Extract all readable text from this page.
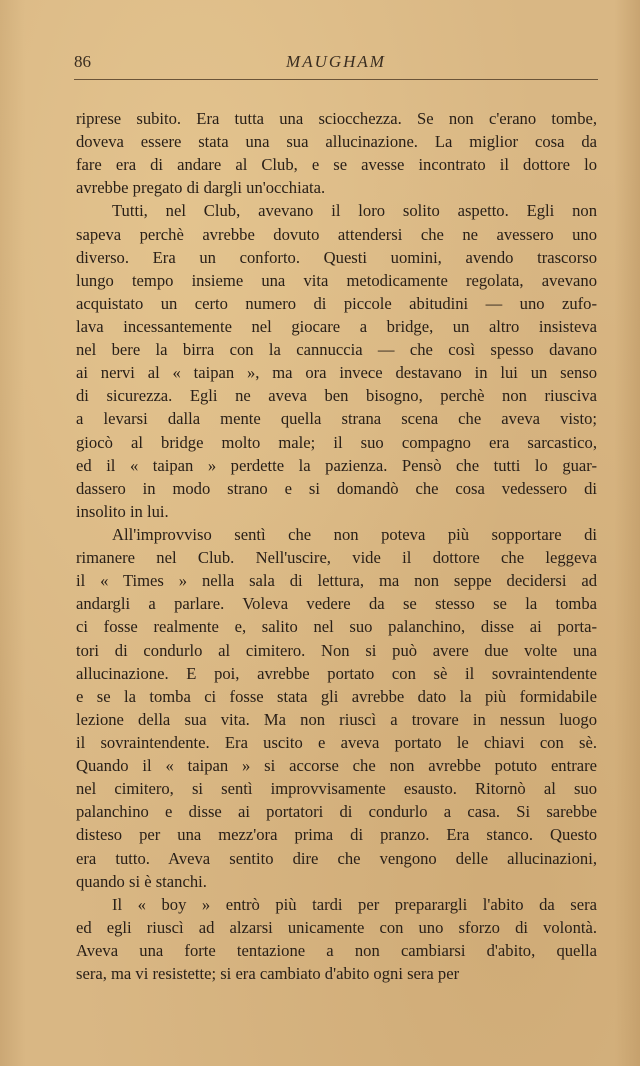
86	MAUGHAM
riprese subito. Era tutta una sciocchezza. Se non c'erano tombe,
doveva essere stata una sua allucinazione. La miglior cosa da
fare era di andare al Club, e se avesse incontrato il dottore lo
avrebbe pregato di dargli un'occhiata.
Tutti, nel Club, avevano il loro solito aspetto. Egli non
sapeva perchè avrebbe dovuto attendersi che ne avessero uno
diverso. Era un conforto. Questi uomini, avendo trascorso
lungo tempo insieme una vita metodicamente regolata, avevano
acquistato un certo numero di piccole abitudini — uno zufo-
lava incessantemente nel giocare a bridge, un altro insisteva
nel bere la birra con la cannuccia — che così spesso davano
ai nervi al « taipan », ma ora invece destavano in lui un senso
di sicurezza. Egli ne aveva ben bisogno, perchè non riusciva
a levarsi dalla mente quella strana scena che aveva visto;
giocò al bridge molto male; il suo compagno era sarcastico,
ed il « taipan » perdette la pazienza. Pensò che tutti lo guar-
dassero in modo strano e si domandò che cosa vedessero di
insolito in lui.
All'improvviso sentì che non poteva più sopportare di
rimanere nel Club. Nell'uscire, vide il dottore che leggeva
il « Times » nella sala di lettura, ma non seppe decidersi ad
andargli a parlare. Voleva vedere da se stesso se la tomba
ci fosse realmente e, salito nel suo palanchino, disse ai porta-
tori di condurlo al cimitero. Non si può avere due volte una
allucinazione. E poi, avrebbe portato con sè il sovraintendente
e se la tomba ci fosse stata gli avrebbe dato la più formidabile
lezione della sua vita. Ma non riuscì a trovare in nessun luogo
il sovraintendente. Era uscito e aveva portato le chiavi con sè.
Quando il « taipan » si accorse che non avrebbe potuto entrare
nel cimitero, si sentì improvvisamente esausto. Ritornò al suo
palanchino e disse ai portatori di condurlo a casa. Si sarebbe
disteso per una mezz'ora prima di pranzo. Era stanco. Questo
era tutto. Aveva sentito dire che vengono delle allucinazioni,
quando si è stanchi.
Il « boy » entrò più tardi per preparargli l'abito da sera
ed egli riuscì ad alzarsi unicamente con uno sforzo di volontà.
Aveva una forte tentazione a non cambiarsi d'abito, quella
sera, ma vi resistette; si era cambiato d'abito ogni sera per
